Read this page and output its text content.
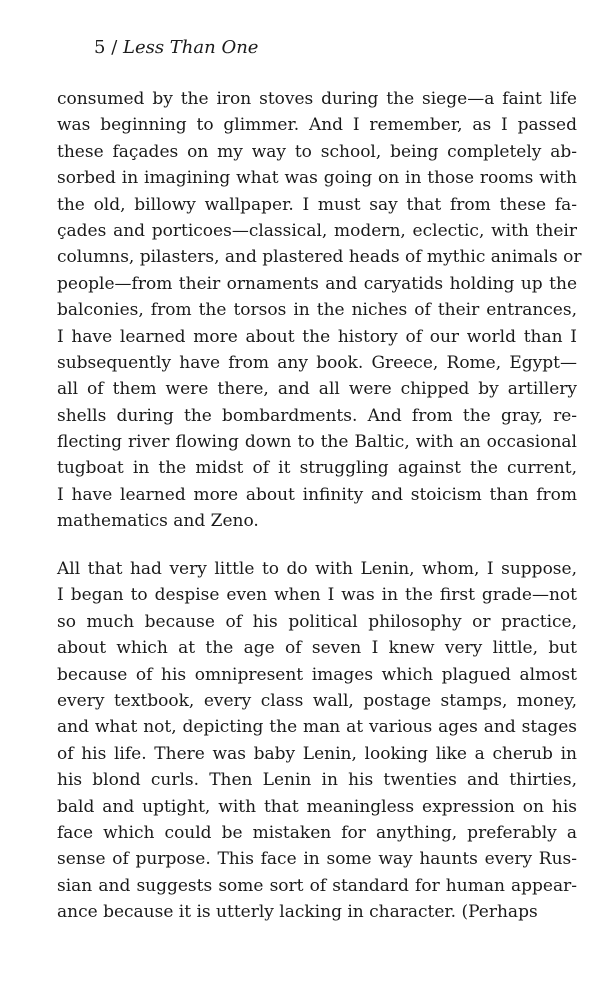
5 / Less Than One
consumed by the iron stoves during the siege—a faint life
was beginning to glimmer. And I remember, as I passed
these façades on my way to school, being completely ab-
sorbed in imagining what was going on in those rooms with
the old, billowy wallpaper. I must say that from these fa-
çades and porticoes—classical, modern, eclectic, with their
columns, pilasters, and plastered heads of mythic animals or
people—from their ornaments and caryatids holding up the
balconies, from the torsos in the niches of their entrances,
I have learned more about the history of our world than I
subsequently have from any book. Greece, Rome, Egypt—
all of them were there, and all were chipped by artillery
shells during the bombardments. And from the gray, re-
flecting river flowing down to the Baltic, with an occasional
tugboat in the midst of it struggling against the current,
I have learned more about infinity and stoicism than from
mathematics and Zeno.
All that had very little to do with Lenin, whom, I suppose,
I began to despise even when I was in the first grade—not
so much because of his political philosophy or practice,
about which at the age of seven I knew very little, but
because of his omnipresent images which plagued almost
every textbook, every class wall, postage stamps, money,
and what not, depicting the man at various ages and stages
of his life. There was baby Lenin, looking like a cherub in
his blond curls. Then Lenin in his twenties and thirties,
bald and uptight, with that meaningless expression on his
face which could be mistaken for anything, preferably a
sense of purpose. This face in some way haunts every Rus-
sian and suggests some sort of standard for human appear-
ance because it is utterly lacking in character. (Perhaps
